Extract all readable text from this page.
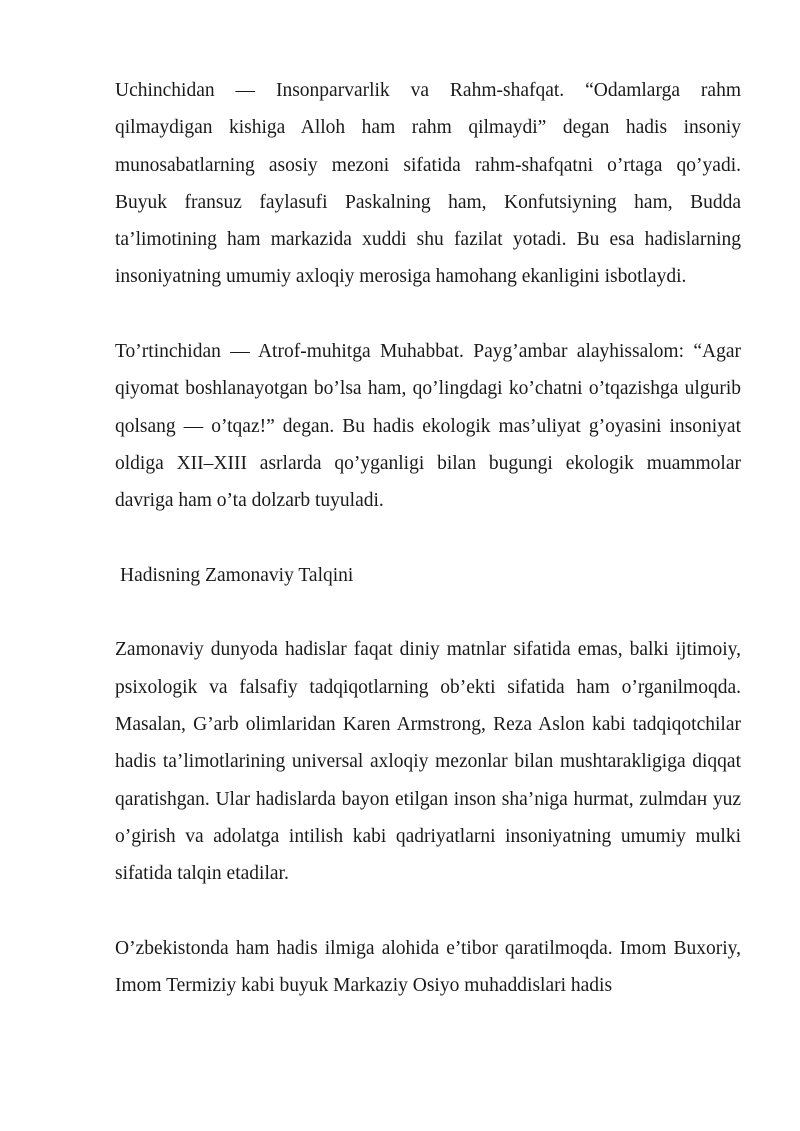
Uchinchidan — Insonparvarlik va Rahm-shafqat. “Odamlarga rahm qilmaydigan kishiga Alloh ham rahm qilmaydi” degan hadis insoniy munosabatlarning asosiy mezoni sifatida rahm-shafqatni o’rtaga qo’yadi. Buyuk fransuz faylasufi Paskalning ham, Konfutsiyning ham, Budda ta’limotining ham markazida xuddi shu fazilat yotadi. Bu esa hadislarning insoniyatning umumiy axloqiy merosiga hamohang ekanligini isbotlaydi.

To’rtinchidan — Atrof-muhitga Muhabbat. Payg’ambar alayhissalom: “Agar qiyomat boshlanayotgan bo’lsa ham, qo’lingdagi ko’chatni o’tqazishga ulgurib qolsang — o’tqaz!” degan. Bu hadis ekologik mas’uliyat g’oyasini insoniyat oldiga XII–XIII asrlarda qo’yganligi bilan bugungi ekologik muammolar davriga ham o’ta dolzarb tuyuladi.

Hadisning Zamonaviy Talqini

Zamonaviy dunyoda hadislar faqat diniy matnlar sifatida emas, balki ijtimoiy, psixologik va falsafiy tadqiqotlarning ob’ekti sifatida ham o’rganilmoqda. Masalan, G’arb olimlaridan Karen Armstrong, Reza Aslon kabi tadqiqotchilar hadis ta’limotlarining universal axloqiy mezonlar bilan mushtarakligiga diqqat qaratishgan. Ular hadislarda bayon etilgan inson sha’niga hurmat, zulmdaн yuz o’girish va adolatga intilish kabi qadriyatlarni insoniyatning umumiy mulki sifatida talqin etadilar.

O’zbekistonda ham hadis ilmiga alohida e’tibor qaratilmoqda. Imom Buxoriy, Imom Termiziy kabi buyuk Markaziy Osiyo muhaddislari hadis
